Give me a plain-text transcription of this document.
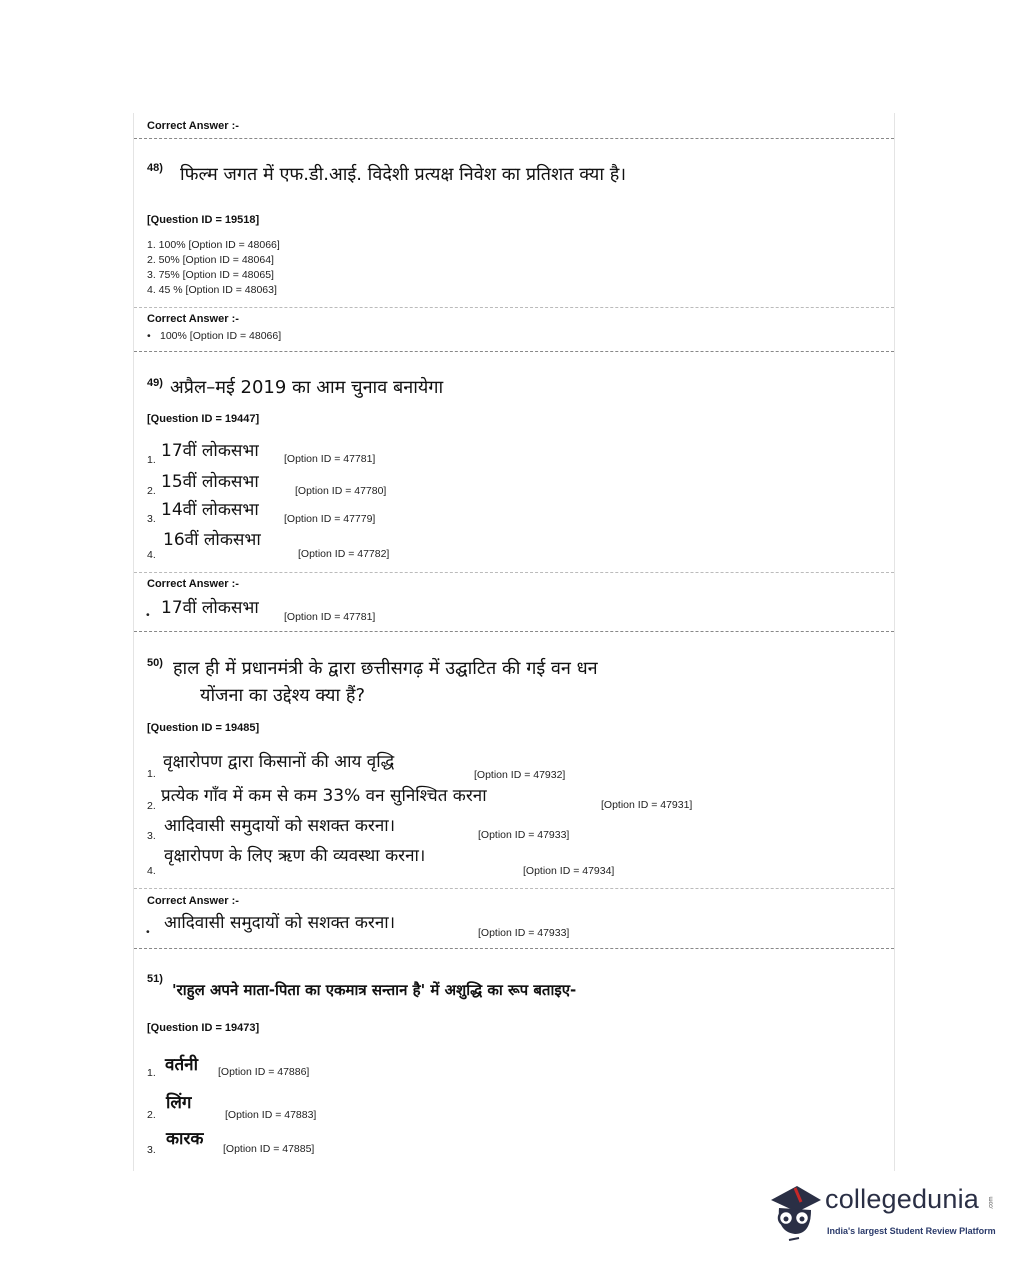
Correct Answer :-
48) फिल्म जगत में एफ.डी.आई. विदेशी प्रत्यक्ष निवेश का प्रतिशत क्या है।
[Question ID = 19518]
1. 100% [Option ID = 48066]
2. 50% [Option ID = 48064]
3. 75% [Option ID = 48065]
4. 45 % [Option ID = 48063]
Correct Answer :-
• 100% [Option ID = 48066]
49) अप्रैल–मई 2019 का आम चुनाव बनायेगा
[Question ID = 19447]
1. 17वीं लोकसभा [Option ID = 47781]
2. 15वीं लोकसभा	[Option ID = 47780]
3. 14वीं लोकसभा [Option ID = 47779]
4.
16वीं लोकसभा
[Option ID = 47782]
Correct Answer :-
• 17वीं लोकसभा [Option ID = 47781]
50) हाल ही में प्रधानमंत्री के द्वारा छत्तीसगढ़ में उद्घाटित की गई वन धन
योंजना का उद्देश्य क्या हैं?
[Question ID = 19485]
1.
वृक्षारोपण द्वारा किसानों की आय वृद्धि
[Option ID = 47932]
2. प्रत्येक गाँव में कम से कम 33% वन सुनिश्चित करना	[Option ID = 47931]
3. आदिवासी समुदायों को सशक्त करना।	[Option ID = 47933]
4.
वृक्षारोपण के लिए ऋण की व्यवस्था करना।
[Option ID = 47934]
Correct Answer :-
• आदिवासी समुदायों को सशक्त करना।	[Option ID = 47933]
51)
'राहुल अपने माता-पिता का एकमात्र सन्तान है' में अशुद्धि का रूप बताइए-
[Question ID = 19473]
1. वर्तनी [Option ID = 47886]
2.
लिंग
[Option ID = 47883]
3.
कारक [Option ID = 47885]
collegedunia .com
India's largest Student Review Platform
